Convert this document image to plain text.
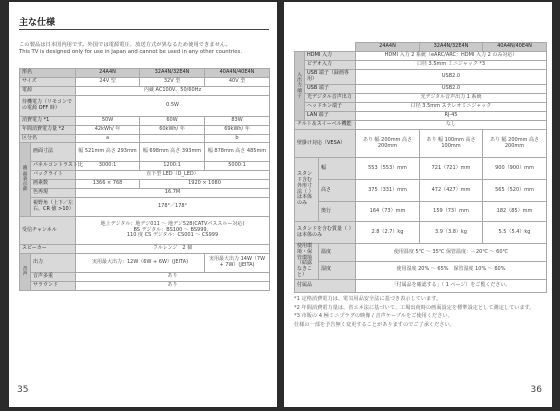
主な仕様
この製品は日本国内用です。外国では電源電圧、放送方式が異なるため使用できません。
This TV is designed only for use in Japan and cannot be used in any other countries.
形名		24A4N	32A4N/32E4N	40A4N/40E4N
サイズ		24V 型	32V 型	40V 型
電源		内蔵 AC100V、50/60Hz		
待機電力（リモコンでの電源 OFF 時）		0.5W		
消費電力 *1		50W	60W	83W
年間消費電力量 *2		42kWh/ 年	60kWh/ 年	69kWh/ 年
区分名		a		b
液晶表示部	画面寸法	幅 521mm 高さ 293mm	幅 698mm 高さ 393mm	幅 878mm 高さ 485mm
	パネルコントラスト比	3000:1	1200:1	5000:1
	バックライト	直下型 LED（D_LED）		
	画素数	1366 × 768	1920 × 1080	
	色再現	16.7M		
	視野角（上下／左右、CR 値 >10）	178°／178°		
受信チャンネル		地上デジタル：地デジ011 ～ 地デジ528(CATVパススルー対応)
BS デジタル：BS100 ～ BS999、
110 度 CS デジタル：CS001 ～ CS999		

スピーカー		フルレンジ　2 個		
音声	出力	実用最大出力：12W（6W + 6W）(JEITA)		実用最大出力 14W（7W + 7W）(JEITA)
	音声多重	あり		
	サラウンド	あり		
35
			24A4N	32A4N/32E4N	40A4N/40E4N
入出力端子	HDMI 入力		HDMI 入力 2 系統（eARC/ARC：HDMI 入力 2 のみ対応）		
	ビデオ入力		口径 3.5mm ミニジャック *3		
	USB 端子（録画専用）		USB2.0		
	USB 端子		USB2.0		
	光デジタル音声出力		光デジタル音声出力 1 系統		
	ヘッドホン端子		口径 3.5mm ステレオミニジャック		
	LAN 端子		RJ-45		
チルト＆スイーベル機能			なし		
壁掛け対応（VESA）			あり 幅 200mm 高さ 200mm	あり 幅 100mm 高さ 100mm	あり 幅 200mm 高さ 200mm
スタンド含む外形寸法（ ）は本体のみ		幅	553（553）mm	721（721）mm	900（900）mm
		高さ	375（331）mm	472（427）mm	565（520）mm
		奥行	164（73）mm	159（73）mm	182（85）mm
スタンドを含む質量（ ）は本体のみ			2.8（2.7）kg	3.9（3.8）kg	5.5（5.4）kg
使用環境・保管環境（結露なきこと）		温度	使用温度 5℃ ～ 35℃ 保管温度：－20℃ ～ 60℃		
		湿度	使用湿度 20% ～ 65%　保管湿度 10% ～ 60%		
付属品			「付属品を確認する」（ 1 ページ）をご覧ください。		

*1 定格消費電力は、電気用品安全法に基づき表示しています。

*2 年間消費電力量は、省エネ法に基づいて、工場出荷時の画面設定を標準設定として測定しています。

*3 市販の 4 極ミニプラグの映像 / 音声ケーブルをご使用ください。

仕様の一部を予告無く変更することがありますのでご了承ください。

36
